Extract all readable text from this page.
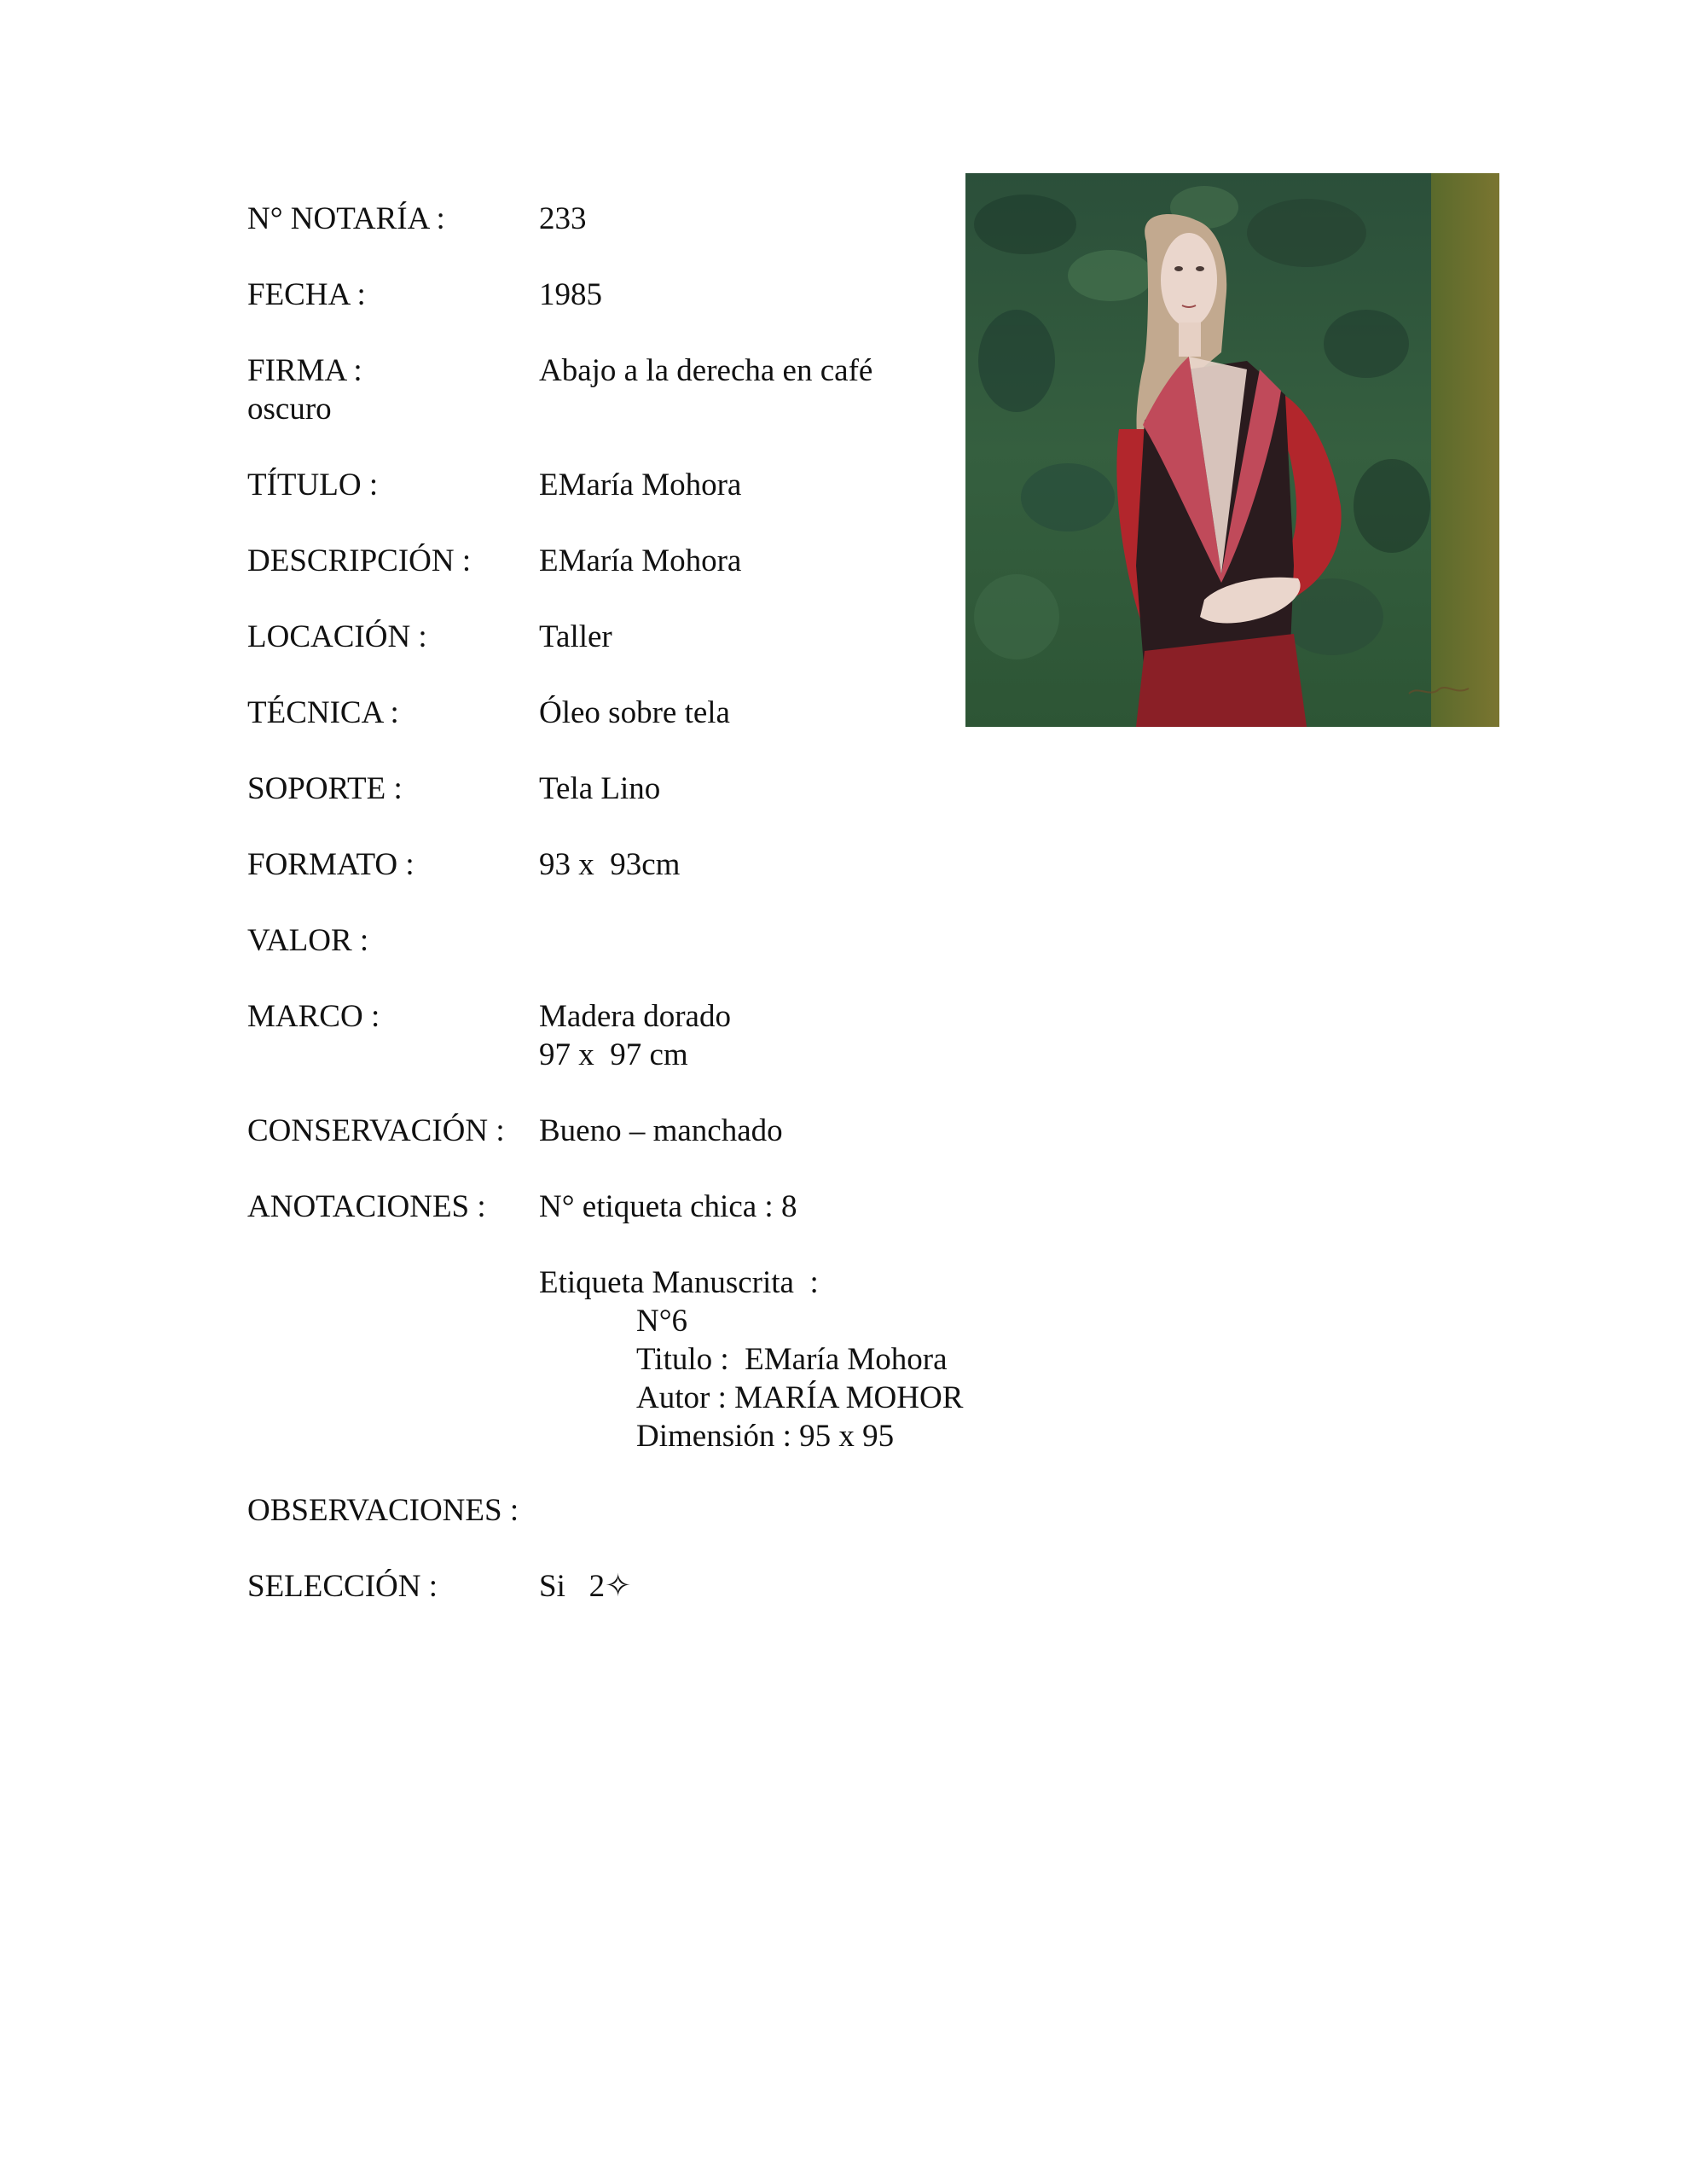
N° NOTARÍA :	233
FECHA :	1985
FIRMA :	Abajo a la derecha en café
oscuro
TÍTULO :	EMaría Mohora
DESCRIPCIÓN : EMaría Mohora
LOCACIÓN :	Taller
TÉCNICA :	Óleo sobre tela
SOPORTE :	Tela Lino
FORMATO :	93 x  93cm
VALOR :
MARCO :	Madera dorado
97 x  97 cm
CONSERVACIÓN : Bueno – manchado
ANOTACIONES : N° etiqueta chica : 8
Etiqueta Manuscrita  :
N°6
Titulo :  EMaría Mohora
Autor : MARÍA MOHOR
Dimensión : 95 x 95
OBSERVACIONES :
SELECCIÓN :	Si   2✧
